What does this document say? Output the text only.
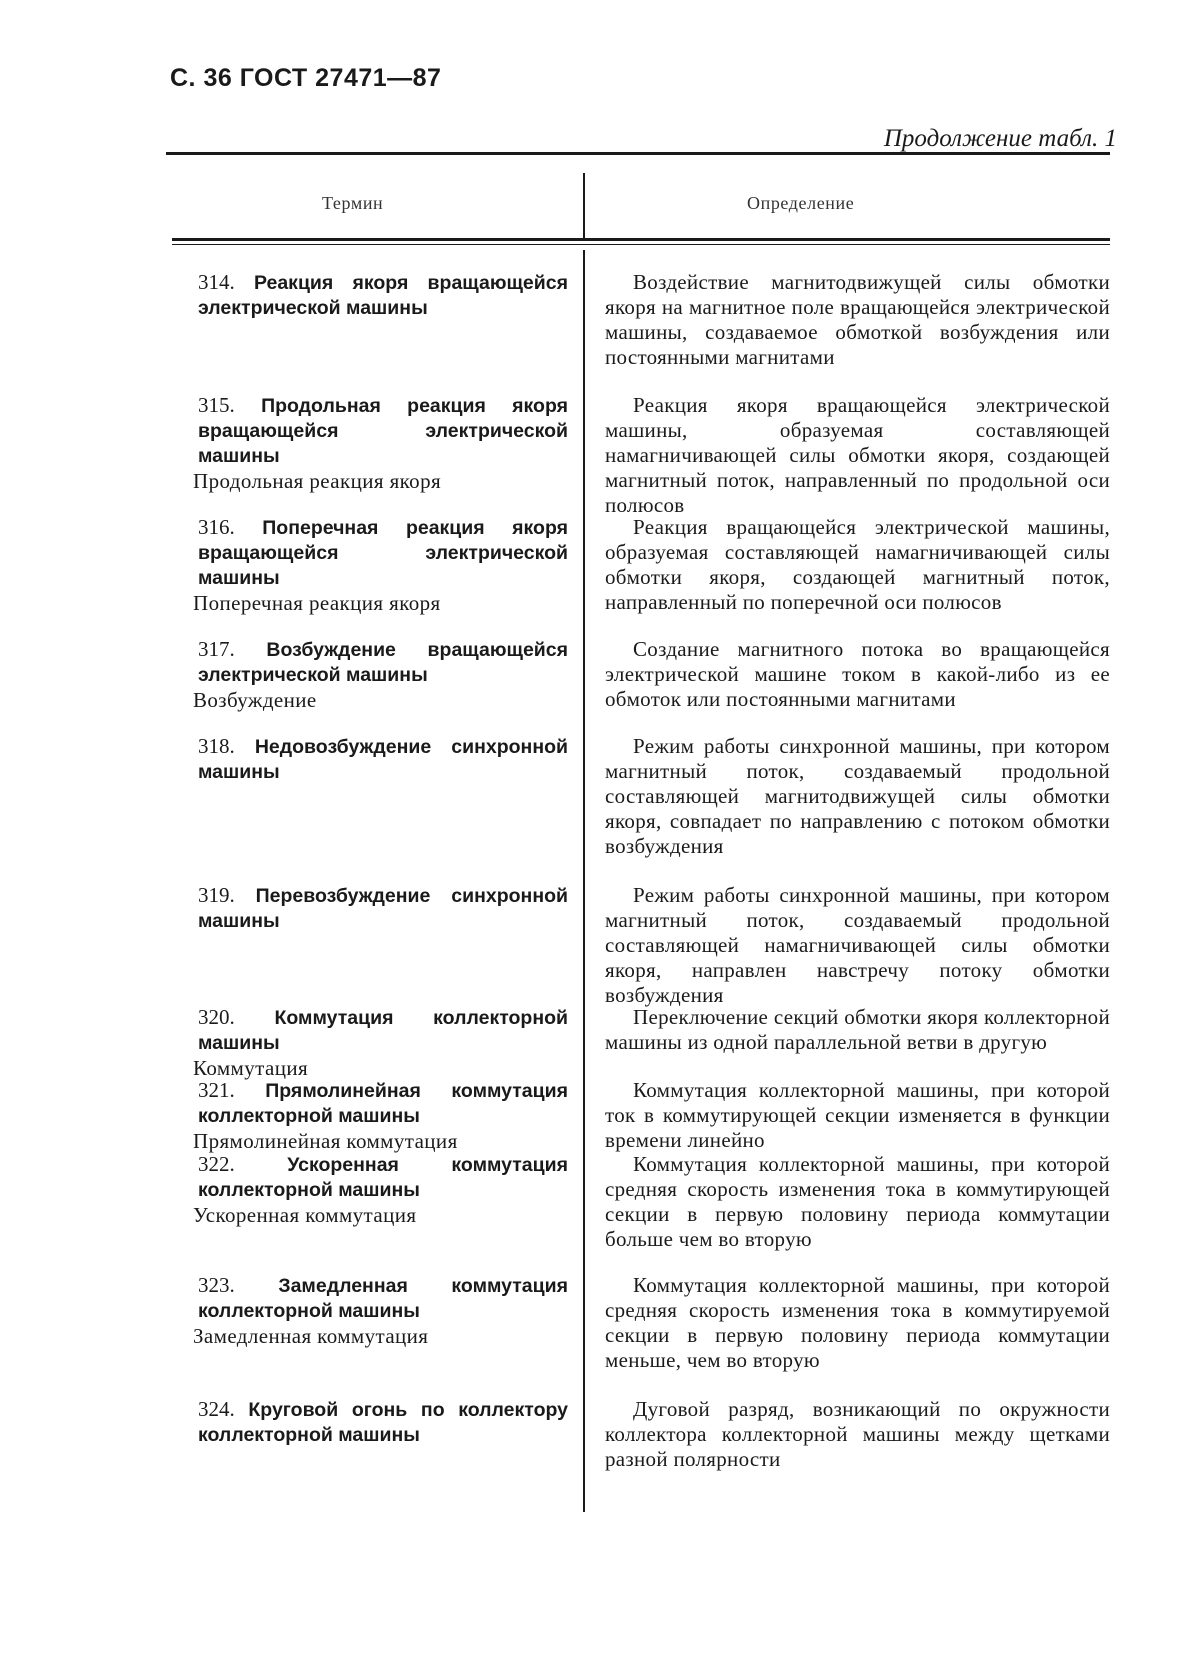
С. 36 ГОСТ 27471—87
Продолжение табл. 1
Термин	Определение
314. Реакция якоря вращающейся электрической машины
Воздействие магнитодвижущей силы обмотки якоря на магнитное поле вращающейся электрической машины, создаваемое обмоткой возбуждения или постоянными магнитами
315. Продольная реакция якоря вращающейся электрической машины
Продольная реакция якоря
Реакция якоря вращающейся электрической машины, образуемая составляющей намагничивающей силы обмотки якоря, создающей магнитный поток, направленный по продольной оси полюсов
316. Поперечная реакция якоря вращающейся электрической машины
Поперечная реакция якоря
Реакция вращающейся электрической машины, образуемая составляющей намагничивающей силы обмотки якоря, создающей магнитный поток, направленный по поперечной оси полюсов
317. Возбуждение вращающейся электрической машины
Возбуждение
Создание магнитного потока во вращающейся электрической машине током в какой-либо из ее обмоток или постоянными магнитами
318. Недовозбуждение синхронной машины
Режим работы синхронной машины, при котором магнитный поток, создаваемый продольной составляющей магнитодвижущей силы обмотки якоря, совпадает по направлению с потоком обмотки возбуждения
319. Перевозбуждение синхронной машины
Режим работы синхронной машины, при котором магнитный поток, создаваемый продольной составляющей намагничивающей силы обмотки якоря, направлен навстречу потоку обмотки возбуждения
320. Коммутация коллекторной машины
Коммутация
Переключение секций обмотки якоря коллекторной машины из одной параллельной ветви в другую
321. Прямолинейная коммутация коллекторной машины
Прямолинейная коммутация
Коммутация коллекторной машины, при которой ток в коммутирующей секции изменяется в функции времени линейно
322.	Ускоренная коммутация коллекторной машины
Ускоренная коммутация
Коммутация коллекторной машины, при которой средняя скорость изменения тока в коммутирующей секции в первую половину периода коммутации больше чем во вторую
323. Замедленная коммутация коллекторной машины
Замедленная коммутация
Коммутация коллекторной машины, при которой средняя скорость изменения тока в коммутируемой секции в первую половину периода коммутации меньше, чем во вторую
324. Круговой огонь по коллектору коллекторной машины
Дуговой разряд, возникающий по окружности коллектора коллекторной машины между щетками разной полярности
